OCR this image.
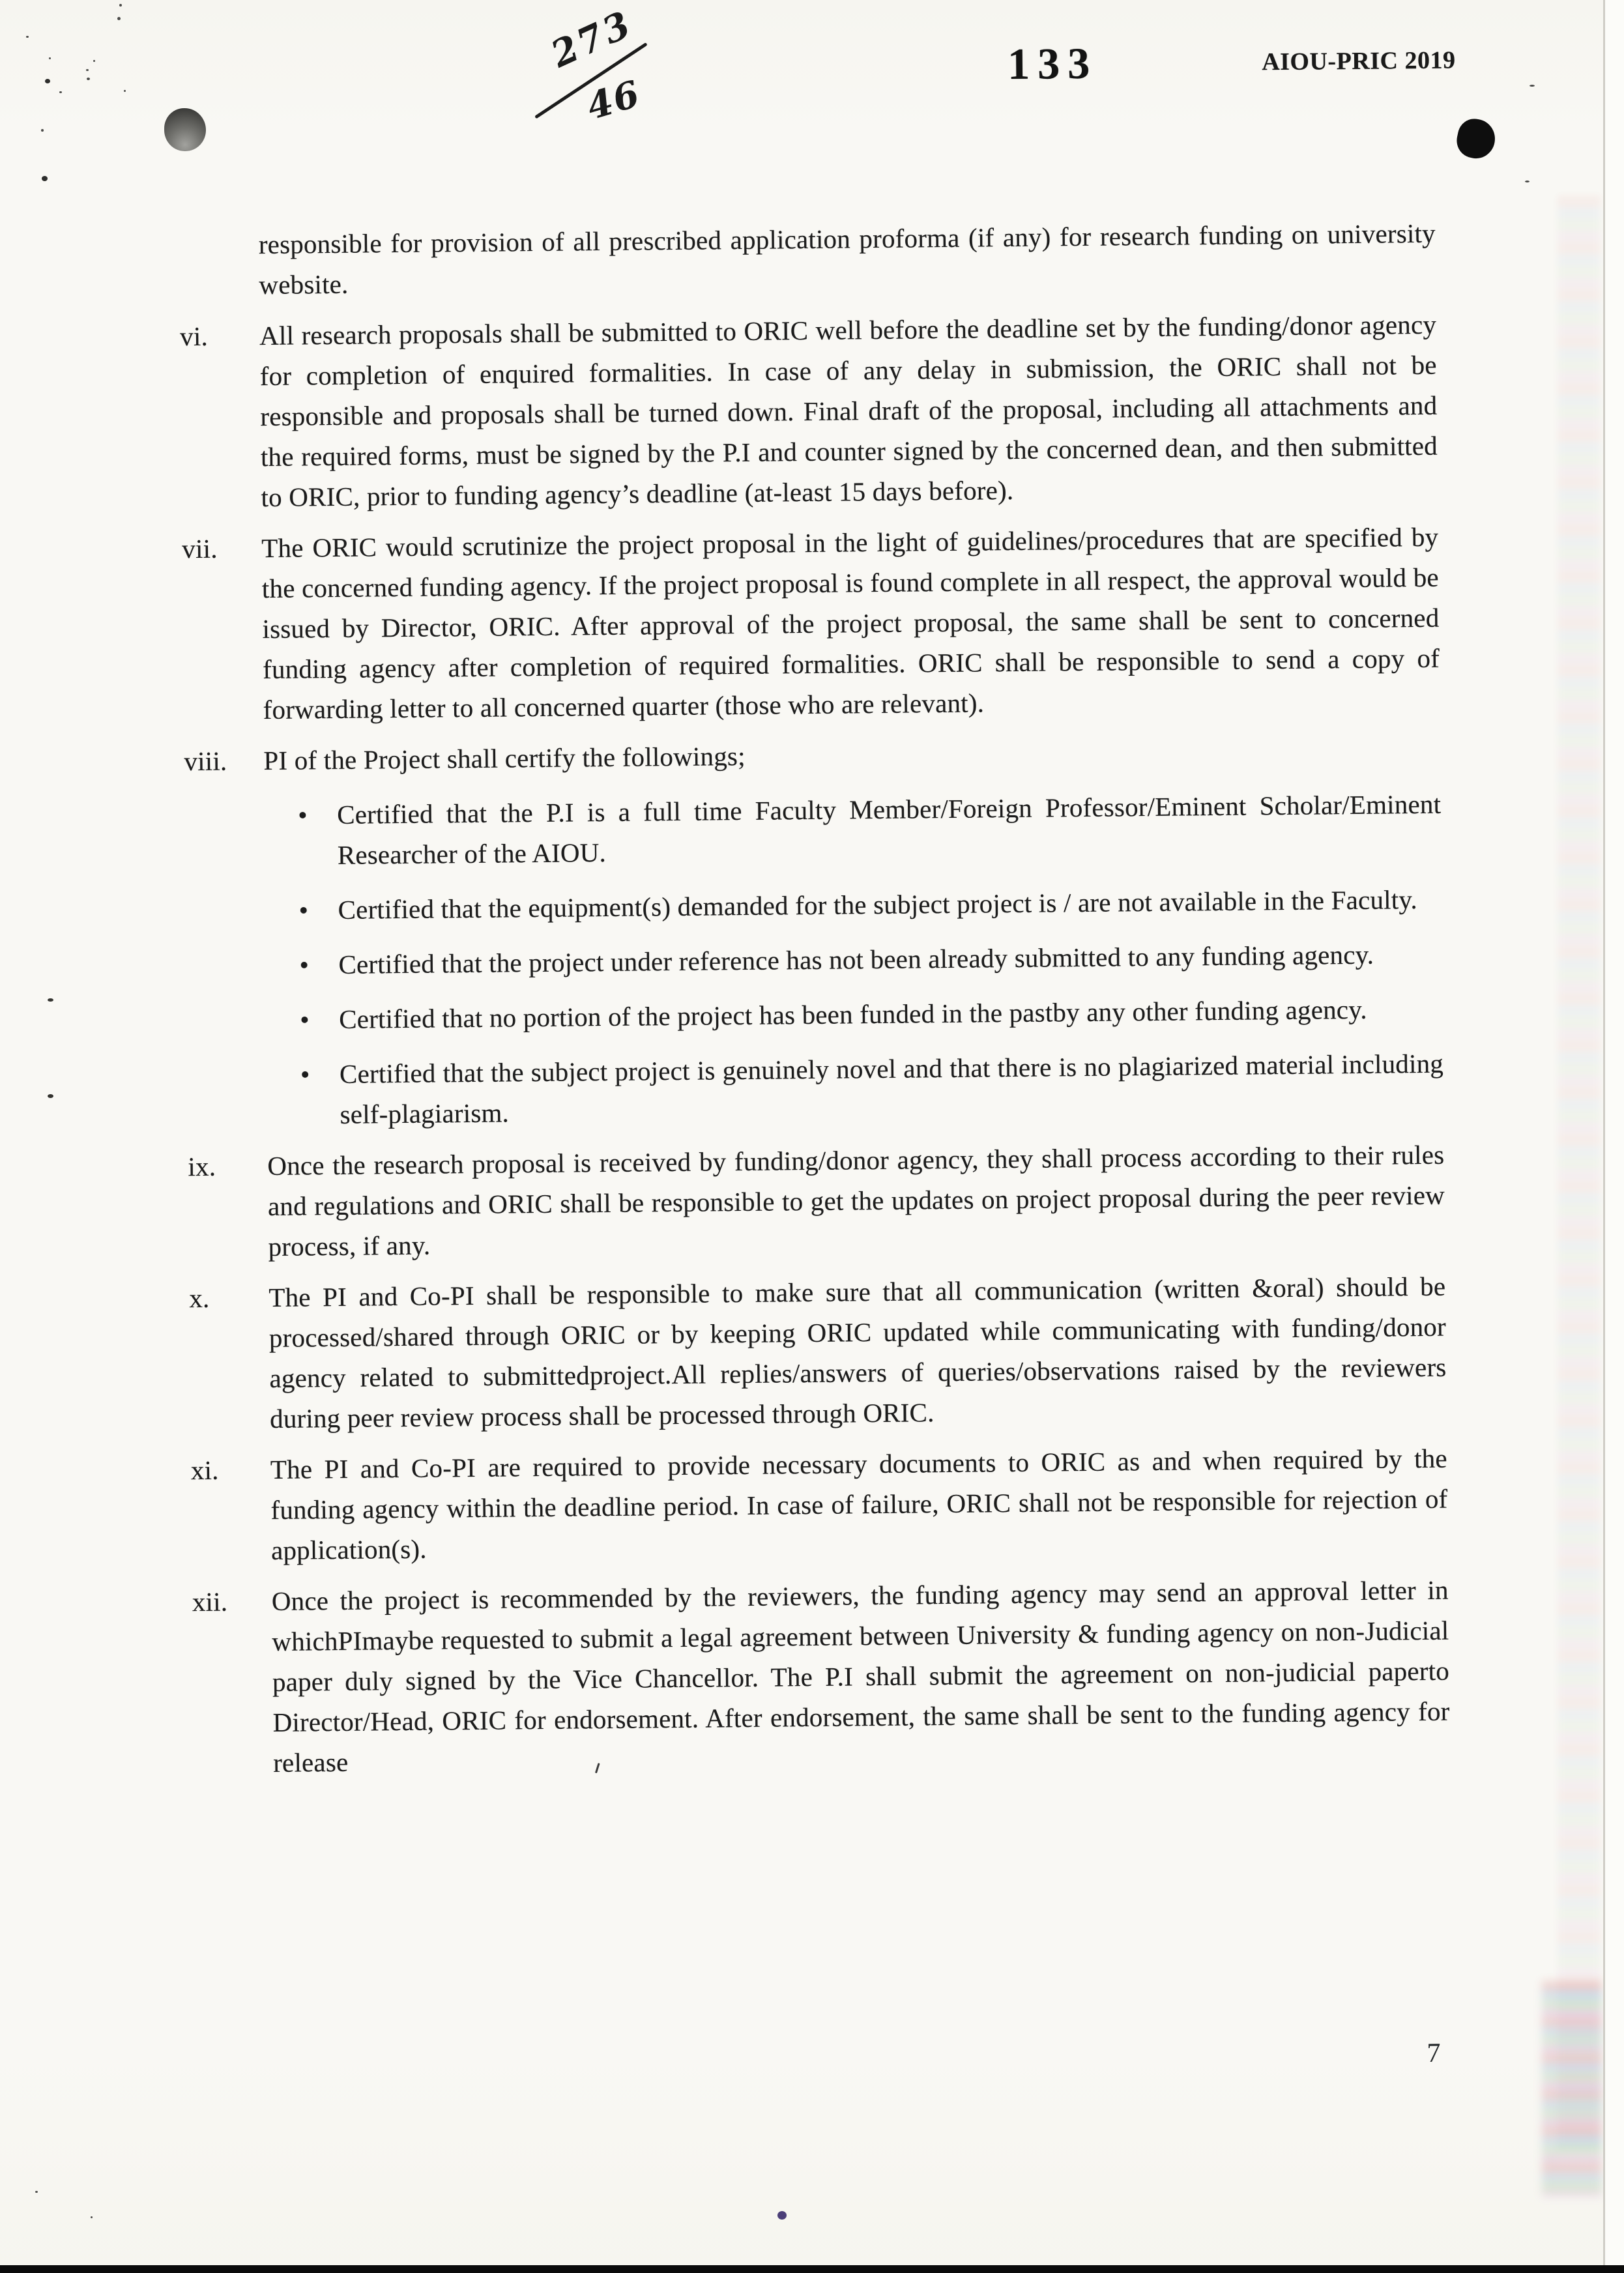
273
46
133	AIOU-PRIC 2019
responsible for provision of all prescribed application proforma (if any) for research funding on university website.
vi.	All research proposals shall be submitted to ORIC well before the deadline set by the funding/donor agency for completion of enquired formalities. In case of any delay in submission, the ORIC shall not be responsible and proposals shall be turned down. Final draft of the proposal, including all attachments and the required forms, must be signed by the P.I and counter signed by the concerned dean, and then submitted to ORIC, prior to funding agency’s deadline (at-least 15 days before).
vii.	The ORIC would scrutinize the project proposal in the light of guidelines/procedures that are specified by the concerned funding agency. If the project proposal is found complete in all respect, the approval would be issued by Director, ORIC. After approval of the project proposal, the same shall be sent to concerned funding agency after completion of required formalities. ORIC shall be responsible to send a copy of forwarding letter to all concerned quarter (those who are relevant).
viii.	PI of the Project shall certify the followings;
• Certified that the P.I is a full time Faculty Member/Foreign Professor/Eminent Scholar/Eminent Researcher of the AIOU.
• Certified that the equipment(s) demanded for the subject project is / are not available in the Faculty.
• Certified that the project under reference has not been already submitted to any funding agency.
• Certified that no portion of the project has been funded in the pastby any other funding agency.
• Certified that the subject project is genuinely novel and that there is no plagiarized material including self-plagiarism.
ix.	Once the research proposal is received by funding/donor agency, they shall process according to their rules and regulations and ORIC shall be responsible to get the updates on project proposal during the peer review process, if any.
x.	The PI and Co-PI shall be responsible to make sure that all communication (written &oral) should be processed/shared through ORIC or by keeping ORIC updated while communicating with funding/donor agency related to submittedproject.All replies/answers of queries/observations raised by the reviewers during peer review process shall be processed through ORIC.
xi.	The PI and Co-PI are required to provide necessary documents to ORIC as and when required by the funding agency within the deadline period. In case of failure, ORIC shall not be responsible for rejection of application(s).
xii.	Once the project is recommended by the reviewers, the funding agency may send an approval letter in whichPImaybe requested to submit a legal agreement between University & funding agency on non-Judicial paper duly signed by the Vice Chancellor. The P.I shall submit the agreement on non-judicial paperto Director/Head, ORIC for endorsement. After endorsement, the same shall be sent to the funding agency for release
7
